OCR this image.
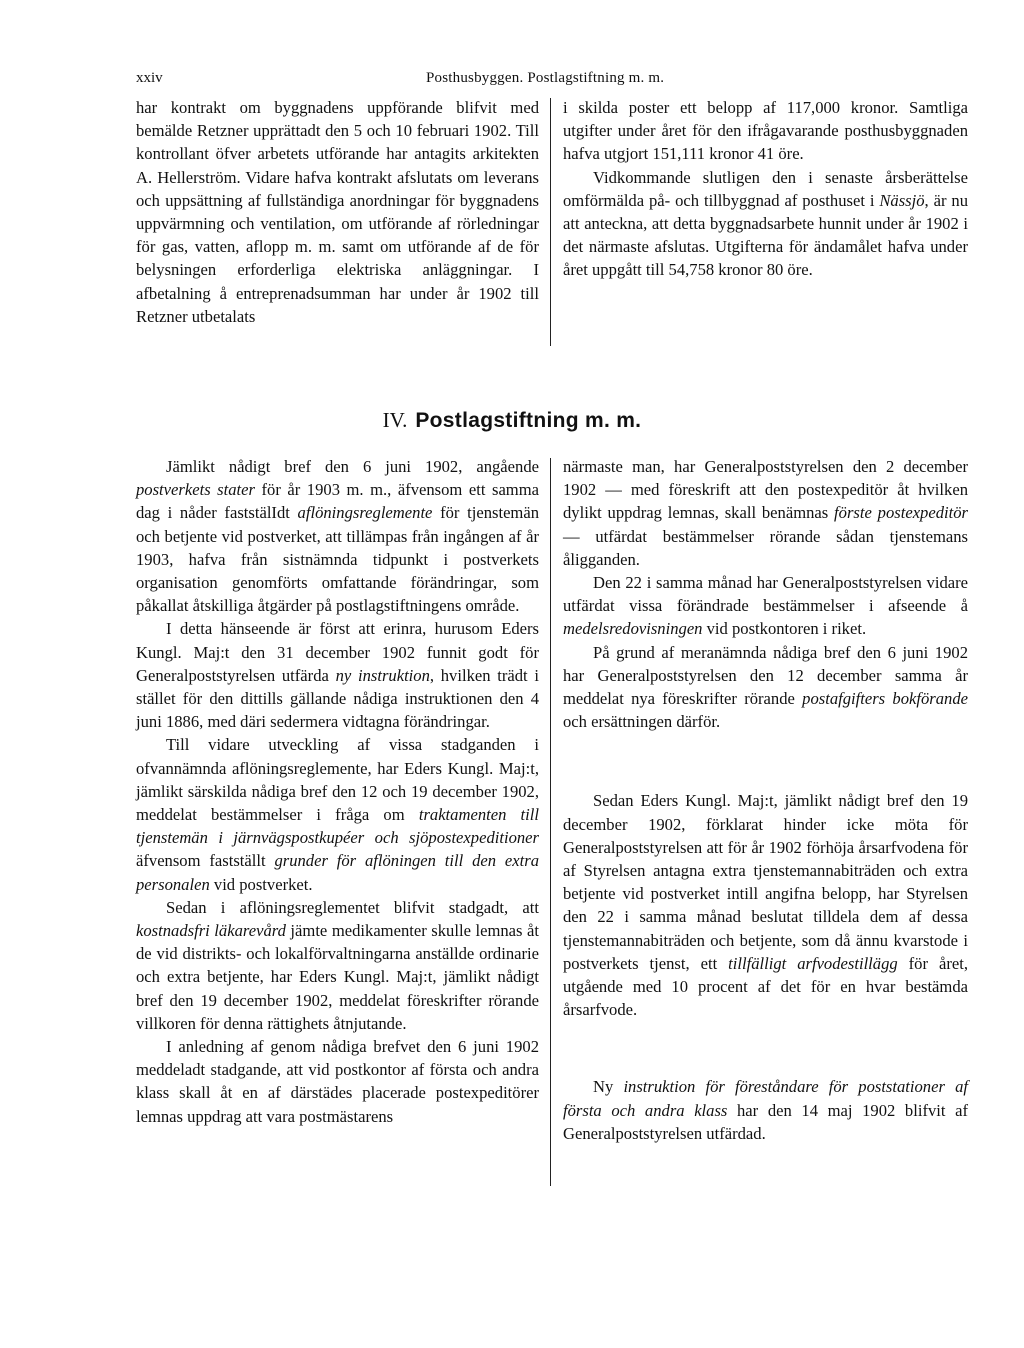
xxiv	Posthusbyggen. Postlagstiftning m. m.

har kontrakt om byggnadens uppförande blifvit med bemälde Retzner upprättadt den 5 och 10 februari 1902. Till kontrollant öfver arbetets utförande har antagits arkitekten A. Hellerström. Vidare hafva kontrakt afslutats om leverans och uppsättning af fullständiga anordningar för byggnadens uppvärmning och ventilation, om utförande af rörledningar för gas, vatten, aflopp m. m. samt om utförande af de för belysningen erforderliga elektriska anläggningar. I afbetalning å entreprenadsumman har under år 1902 till Retzner utbetalats

i skilda poster ett belopp af 117,000 kronor. Samtliga utgifter under året för den ifrågavarande posthusbyggnaden hafva utgjort 151,111 kronor 41 öre.

Vidkommande slutligen den i senaste årsberättelse omförmälda på- och tillbyggnad af posthuset i Nässjö, är nu att anteckna, att detta byggnadsarbete hunnit under år 1902 i det närmaste afslutas. Utgifterna för ändamålet hafva under året uppgått till 54,758 kronor 80 öre.

IV. Postlagstiftning m. m.

Jämlikt nådigt bref den 6 juni 1902, angående postverkets stater för år 1903 m. m., äfvensom ett samma dag i nåder faststälIdt aflöningsreglemente för tjenstemän och betjente vid postverket, att tillämpas från ingången af år 1903, hafva från sistnämnda tidpunkt i postverkets organisation genomförts omfattande förändringar, som påkallat åtskilliga åtgärder på postlagstiftningens område.

I detta hänseende är först att erinra, hurusom Eders Kungl. Maj:t den 31 december 1902 funnit godt för Generalpoststyrelsen utfärda ny instruktion, hvilken trädt i stället för den dittills gällande nådiga instruktionen den 4 juni 1886, med däri sedermera vidtagna förändringar.

Till vidare utveckling af vissa stadganden i ofvannämnda aflöningsreglemente, har Eders Kungl. Maj:t, jämlikt särskilda nådiga bref den 12 och 19 december 1902, meddelat bestämmelser i fråga om traktamenten till tjenstemän i järnvägspostkupéer och sjöpostexpeditioner äfvensom fastställt grunder för aflöningen till den extra personalen vid postverket.

Sedan i aflöningsreglementet blifvit stadgadt, att kostnadsfri läkarevård jämte medikamenter skulle lemnas åt de vid distrikts- och lokalförvaltningarna anställde ordinarie och extra betjente, har Eders Kungl. Maj:t, jämlikt nådigt bref den 19 december 1902, meddelat föreskrifter rörande villkoren för denna rättighets åtnjutande.

I anledning af genom nådiga brefvet den 6 juni 1902 meddeladt stadgande, att vid postkontor af första och andra klass skall åt en af därstädes placerade postexpeditörer lemnas uppdrag att vara postmästarens

närmaste man, har Generalpoststyrelsen den 2 december 1902 — med föreskrift att den postexpeditör åt hvilken dylikt uppdrag lemnas, skall benämnas förste postexpeditör — utfärdat bestämmelser rörande sådan tjenstemans åligganden.

Den 22 i samma månad har Generalpoststyrelsen vidare utfärdat vissa förändrade bestämmelser i afseende å medelsredovisningen vid postkontoren i riket.

På grund af meranämnda nådiga bref den 6 juni 1902 har Generalpoststyrelsen den 12 december samma år meddelat nya föreskrifter rörande postafgifters bokförande och ersättningen därför.

Sedan Eders Kungl. Maj:t, jämlikt nådigt bref den 19 december 1902, förklarat hinder icke möta för Generalpoststyrelsen att för år 1902 förhöja årsarfvodena för af Styrelsen antagna extra tjenstemannabiträden och extra betjente vid postverket intill angifna belopp, har Styrelsen den 22 i samma månad beslutat tilldela dem af dessa tjenstemannabiträden och betjente, som då ännu kvarstode i postverkets tjenst, ett tillfälligt arfvodestillägg för året, utgående med 10 procent af det för en hvar bestämda årsarfvode.

Ny instruktion för föreståndare för poststationer af första och andra klass har den 14 maj 1902 blifvit af Generalpoststyrelsen utfärdad.
